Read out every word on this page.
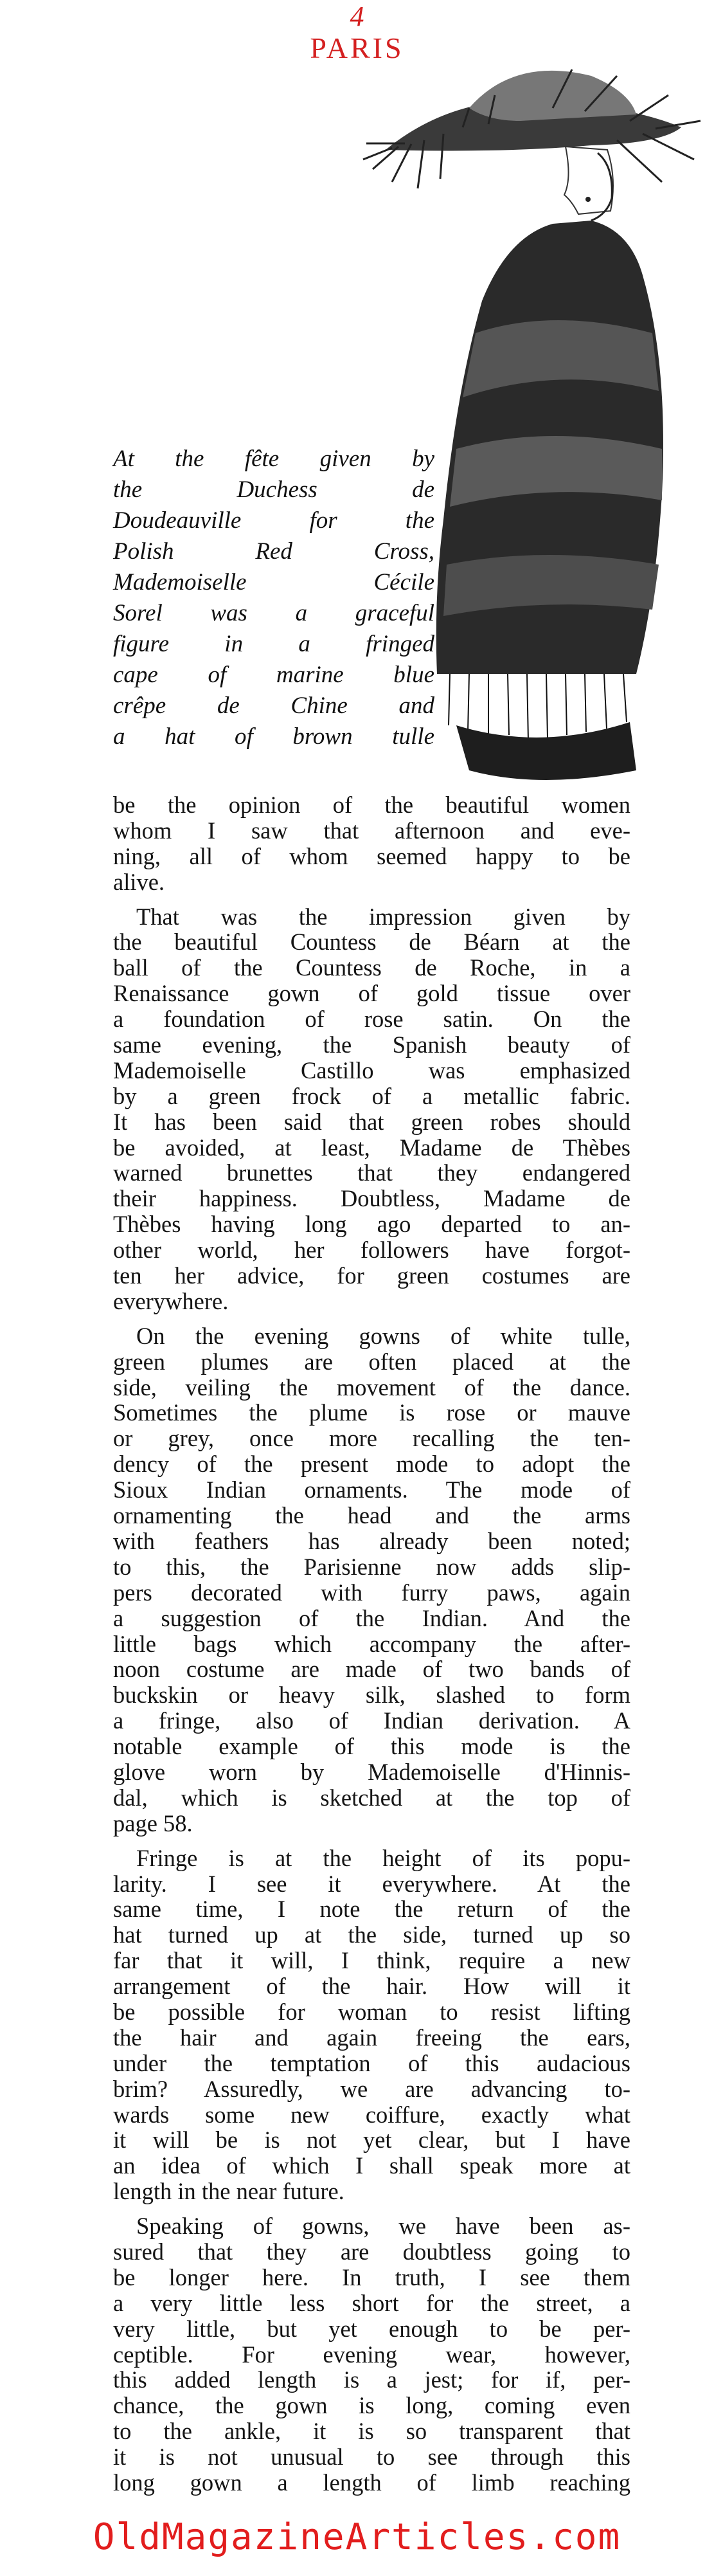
4
PARIS
At the fête given by
the Duchess de
Doudeauville for the
Polish Red Cross,
Mademoiselle Cécile
Sorel was a graceful
figure in a fringed
cape of marine blue
crêpe de Chine and
a hat of brown tulle
be the opinion of the beautiful women
whom I saw that afternoon and eve-
ning, all of whom seemed happy to be
alive.
That was the impression given by
the beautiful Countess de Béarn at the
ball of the Countess de Roche, in a
Renaissance gown of gold tissue over
a foundation of rose satin. On the
same evening, the Spanish beauty of
Mademoiselle Castillo was emphasized
by a green frock of a metallic fabric.
It has been said that green robes should
be avoided, at least, Madame de Thèbes
warned brunettes that they endangered
their happiness. Doubtless, Madame de
Thèbes having long ago departed to an-
other world, her followers have forgot-
ten her advice, for green costumes are
everywhere.
On the evening gowns of white tulle,
green plumes are often placed at the
side, veiling the movement of the dance.
Sometimes the plume is rose or mauve
or grey, once more recalling the ten-
dency of the present mode to adopt the
Sioux Indian ornaments. The mode of
ornamenting the head and the arms
with feathers has already been noted;
to this, the Parisienne now adds slip-
pers decorated with furry paws, again
a suggestion of the Indian. And the
little bags which accompany the after-
noon costume are made of two bands of
buckskin or heavy silk, slashed to form
a fringe, also of Indian derivation. A
notable example of this mode is the
glove worn by Mademoiselle d'Hinnis-
dal, which is sketched at the top of
page 58.
Fringe is at the height of its popu-
larity. I see it everywhere. At the
same time, I note the return of the
hat turned up at the side, turned up so
far that it will, I think, require a new
arrangement of the hair. How will it
be possible for woman to resist lifting
the hair and again freeing the ears,
under the temptation of this audacious
brim? Assuredly, we are advancing to-
wards some new coiffure, exactly what
it will be is not yet clear, but I have
an idea of which I shall speak more at
length in the near future.
Speaking of gowns, we have been as-
sured that they are doubtless going to
be longer here. In truth, I see them
a very little less short for the street, a
very little, but yet enough to be per-
ceptible. For evening wear, however,
this added length is a jest; for if, per-
chance, the gown is long, coming even
to the ankle, it is so transparent that
it is not unusual to see through this
long gown a length of limb reaching
OldMagazineArticles.com
